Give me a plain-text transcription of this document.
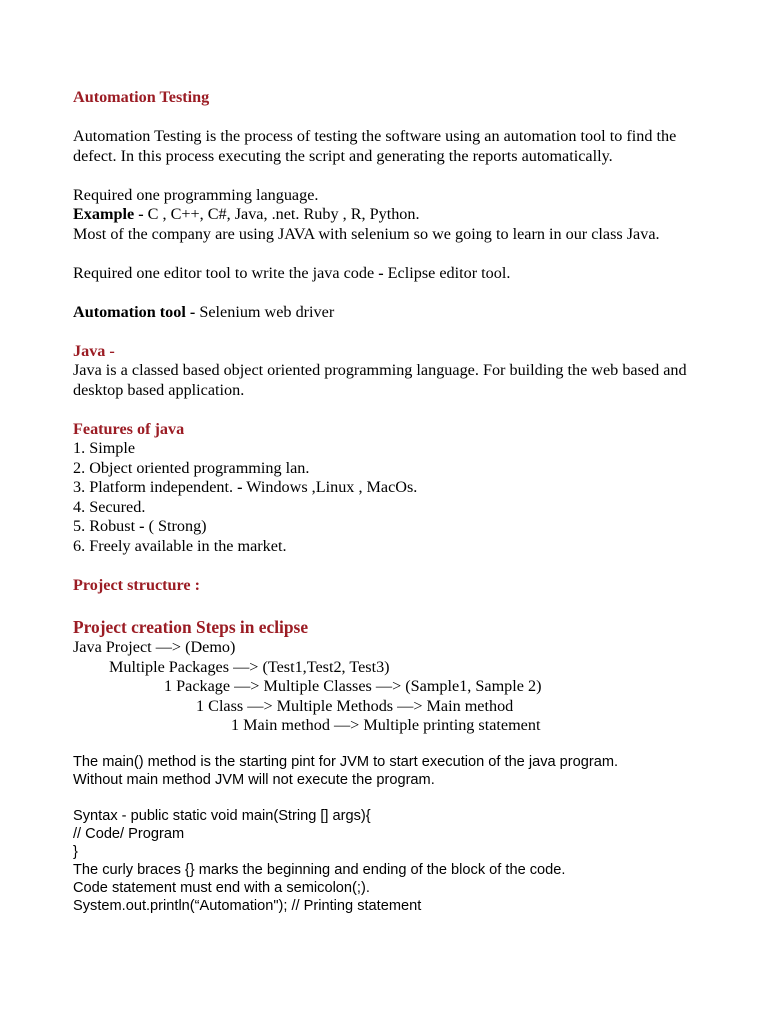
Automation Testing
Automation Testing is the process of testing the software using an automation tool to find the defect. In this process executing the script and generating the reports automatically.
Required one programming language.
Example - C , C++, C#, Java, .net. Ruby , R, Python.
Most of the company are using JAVA with selenium so we going to learn in our class Java.
Required one editor tool to write the java code - Eclipse editor tool.
Automation tool - Selenium web driver
Java -
Java is a classed based object oriented programming language. For building the web based and desktop based application.
Features of java
1. Simple
2. Object oriented programming lan.
3. Platform independent. - Windows ,Linux , MacOs.
4. Secured.
5. Robust - ( Strong)
6. Freely available in the market.
Project structure :
Project creation Steps in eclipse
Java Project —> (Demo)
Multiple Packages —> (Test1,Test2, Test3)
1 Package —> Multiple Classes —> (Sample1, Sample 2)
1 Class —> Multiple Methods —> Main method
1 Main method —> Multiple printing statement
The main() method is the starting pint for JVM to start execution of the java program.
Without main method JVM will not execute the program.
Syntax - public static void main(String [] args){
// Code/ Program
}
The curly braces {} marks the beginning and ending of the block of the code.
Code statement must end with a semicolon(;).
System.out.println(“Automation"); // Printing statement
